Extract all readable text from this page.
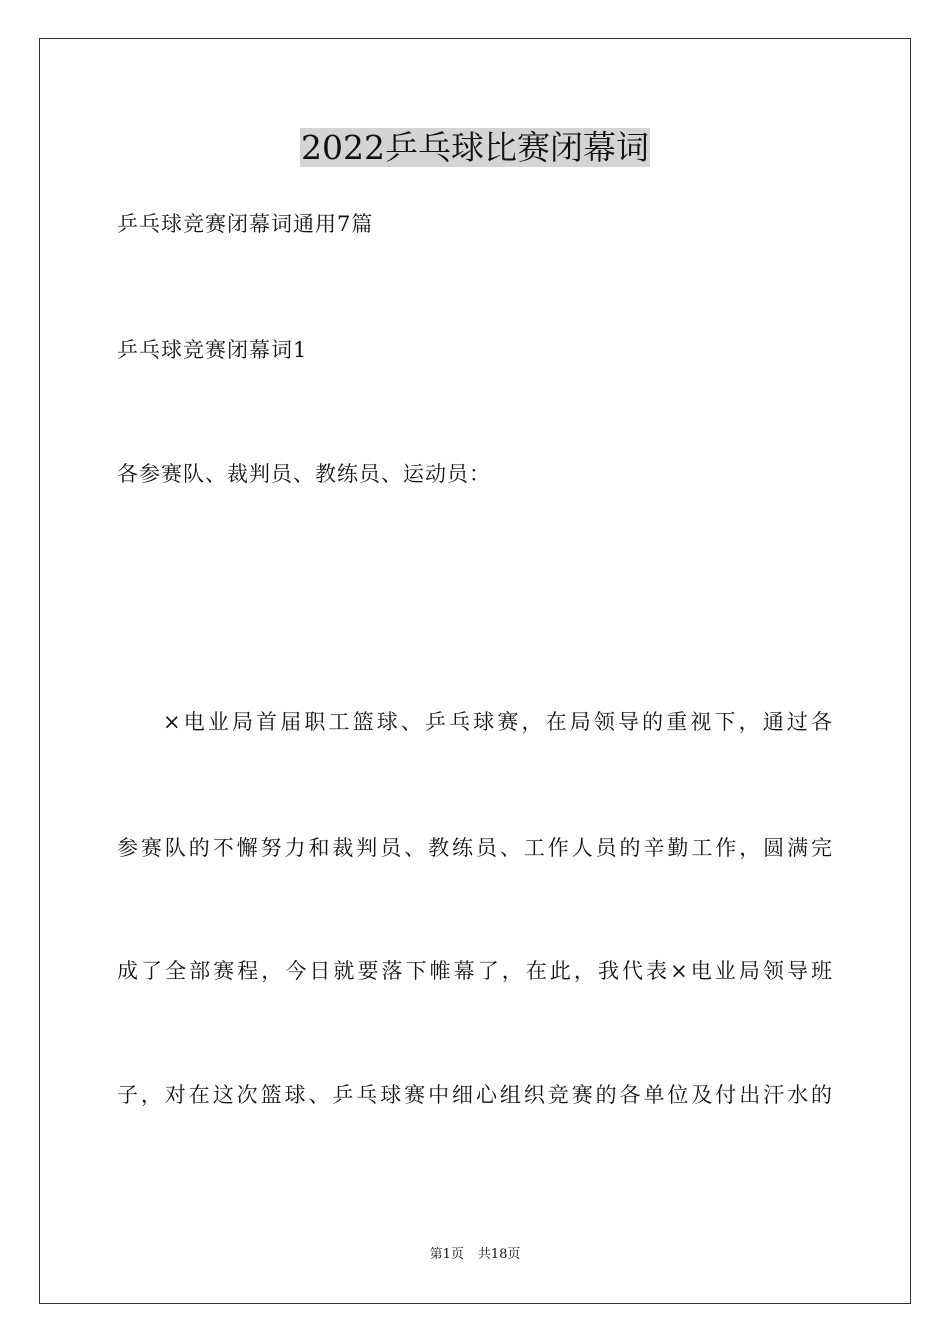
2022乒乓球比赛闭幕词
乒乓球竞赛闭幕词通用7篇
乒乓球竞赛闭幕词1
各参赛队、裁判员、教练员、运动员：
×电业局首届职工篮球、乒乓球赛，在局领导的重视下，通过各
参赛队的不懈努力和裁判员、教练员、工作人员的辛勤工作，圆满完
成了全部赛程，今日就要落下帷幕了，在此，我代表×电业局领导班
子，对在这次篮球、乒乓球赛中细心组织竞赛的各单位及付出汗水的
第1页 共18页
